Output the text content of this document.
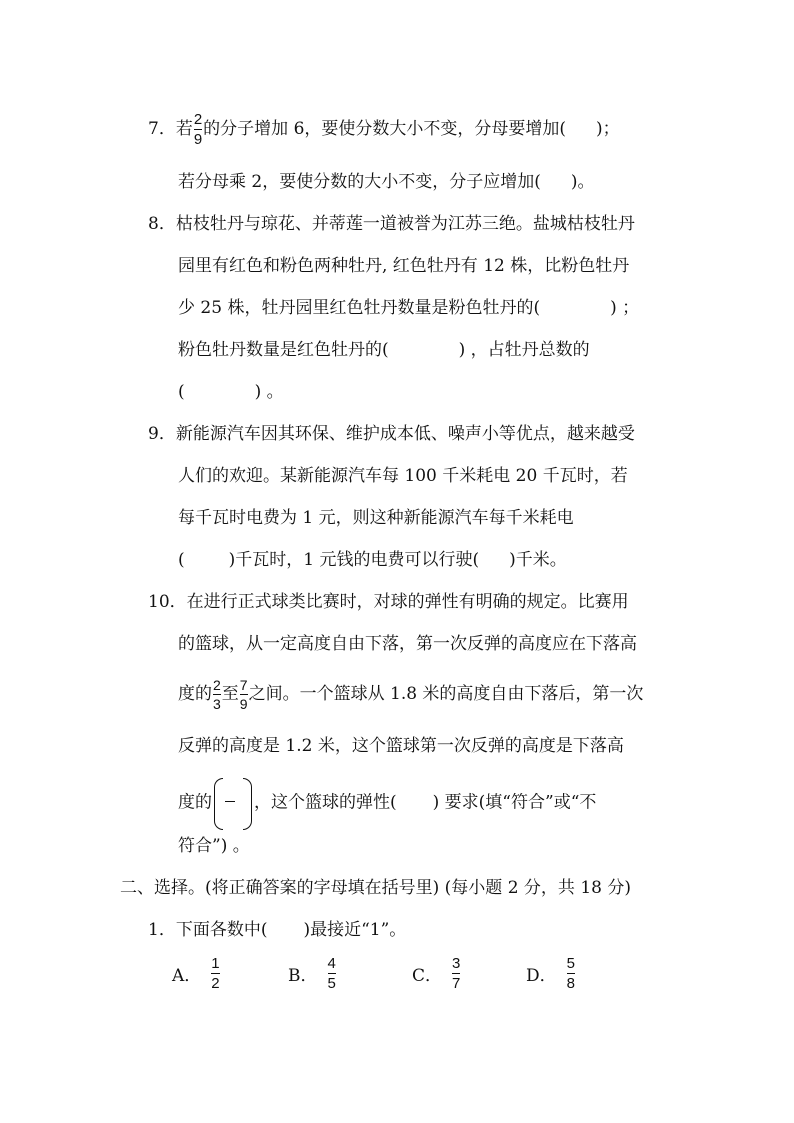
7．若 $\frac{2}{9}$ 的分子增加 6，要使分数大小不变，分母要增加( )；
若分母乘 2，要使分数的大小不变，分子应增加( )。
8．枯枝牡丹与琼花、并蒂莲一道被誉为江苏三绝。盐城枯枝牡丹
园里有红色和粉色两种牡丹, 红色牡丹有 12 株，比粉色牡丹
少 25 株，牡丹园里红色牡丹数量是粉色牡丹的(	) ；
粉色牡丹数量是红色牡丹的(	) ，占牡丹总数的
(	) 。
9．新能源汽车因其环保、维护成本低、噪声小等优点，越来越受
人们的欢迎。某新能源汽车每 100 千米耗电 20 千瓦时，若
每千瓦时电费为 1 元，则这种新能源汽车每千米耗电
(	)千瓦时，1 元钱的电费可以行驶( )千米。
10．在进行正式球类比赛时，对球的弹性有明确的规定。比赛用
的篮球，从一定高度自由下落，第一次反弹的高度应在下落高
度的 $\frac{2}{3}$ 至 $\frac{7}{9}$ 之间。一个篮球从 1.8 米的高度自由下落后，第一次
反弹的高度是 1.2 米，这个篮球第一次反弹的高度是下落高
度的 ，这个篮球的弹性( ) 要求(填“符合”或“不
符合”) 。
二、选择。(将正确答案的字母填在括号里) (每小题 2 分，共 18 分)
1．下面各数中( )最接近“1”。
A． $\frac{1}{2}$	B． $\frac{4}{5}$	C． $\frac{3}{7}$	D． $\frac{5}{8}$
